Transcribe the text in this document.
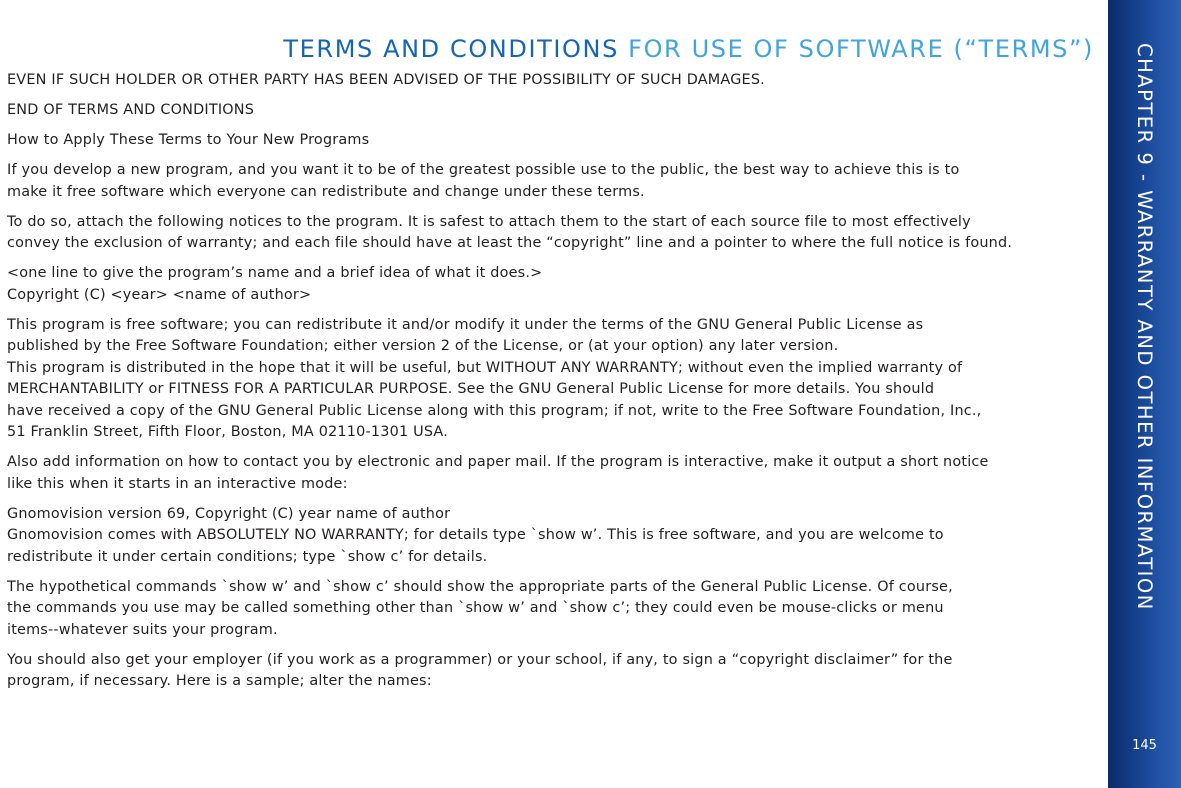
TERMS AND CONDITIONS FOR USE OF SOFTWARE (“TERMS”)

EVEN IF SUCH HOLDER OR OTHER PARTY HAS BEEN ADVISED OF THE POSSIBILITY OF SUCH DAMAGES.

END OF TERMS AND CONDITIONS

How to Apply These Terms to Your New Programs

If you develop a new program, and you want it to be of the greatest possible use to the public, the best way to achieve this is to
make it free software which everyone can redistribute and change under these terms.

To do so, attach the following notices to the program. It is safest to attach them to the start of each source file to most effectively
convey the exclusion of warranty; and each file should have at least the “copyright” line and a pointer to where the full notice is found.

<one line to give the program’s name and a brief idea of what it does.>
Copyright (C) <year> <name of author>

This program is free software; you can redistribute it and/or modify it under the terms of the GNU General Public License as
published by the Free Software Foundation; either version 2 of the License, or (at your option) any later version.
This program is distributed in the hope that it will be useful, but WITHOUT ANY WARRANTY; without even the implied warranty of
MERCHANTABILITY or FITNESS FOR A PARTICULAR PURPOSE. See the GNU General Public License for more details. You should
have received a copy of the GNU General Public License along with this program; if not, write to the Free Software Foundation, Inc.,
51 Franklin Street, Fifth Floor, Boston, MA 02110-1301 USA.

Also add information on how to contact you by electronic and paper mail. If the program is interactive, make it output a short notice
like this when it starts in an interactive mode:

Gnomovision version 69, Copyright (C) year name of author
Gnomovision comes with ABSOLUTELY NO WARRANTY; for details type `show w’. This is free software, and you are welcome to
redistribute it under certain conditions; type `show c’ for details.

The hypothetical commands `show w’ and `show c’ should show the appropriate parts of the General Public License. Of course,
the commands you use may be called something other than `show w’ and `show c’; they could even be mouse-clicks or menu
items--whatever suits your program.

You should also get your employer (if you work as a programmer) or your school, if any, to sign a “copyright disclaimer” for the
program, if necessary. Here is a sample; alter the names:

CHAPTER 9 - WARRANTY AND OTHER INFORMATION
145
